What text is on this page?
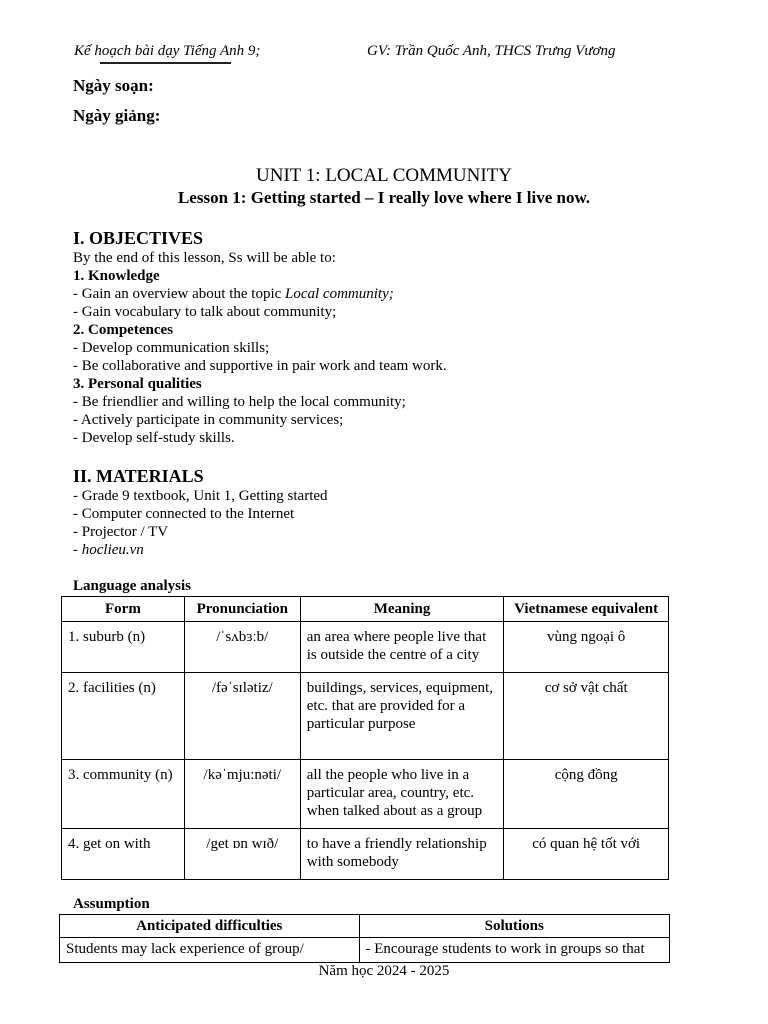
Kế hoạch bài dạy Tiếng Anh 9;	GV: Trần Quốc Anh, THCS Trưng Vương
Ngày soạn:
Ngày giảng:
UNIT 1: LOCAL COMMUNITY
Lesson 1: Getting started – I really love where I live now.
I. OBJECTIVES
By the end of this lesson, Ss will be able to:
1. Knowledge
- Gain an overview about the topic Local community;
- Gain vocabulary to talk about community;
2. Competences
- Develop communication skills;
- Be collaborative and supportive in pair work and team work.
3. Personal qualities
- Be friendlier and willing to help the local community;
- Actively participate in community services;
- Develop self-study skills.
II. MATERIALS
- Grade 9 textbook, Unit 1, Getting started
- Computer connected to the Internet
- Projector / TV
- hoclieu.vn
Language analysis
Form	Pronunciation	Meaning	Vietnamese equivalent
1. suburb (n)	/ˈsʌbɜːb/	an area where people live that is outside the centre of a city	vùng ngoại ô
2. facilities (n)	/fəˈsɪlətiz/	buildings, services, equipment, etc. that are provided for a particular purpose	cơ sở vật chất
3. community (n)	/kəˈmju:nəti/	all the people who live in a particular area, country, etc. when talked about as a group	cộng đồng
4. get on with	/get ɒn wɪð/	to have a friendly relationship with somebody	có quan hệ tốt với
Assumption
Anticipated difficulties	Solutions
Students may lack experience of group/	- Encourage students to work in groups so that
Năm học 2024 - 2025
